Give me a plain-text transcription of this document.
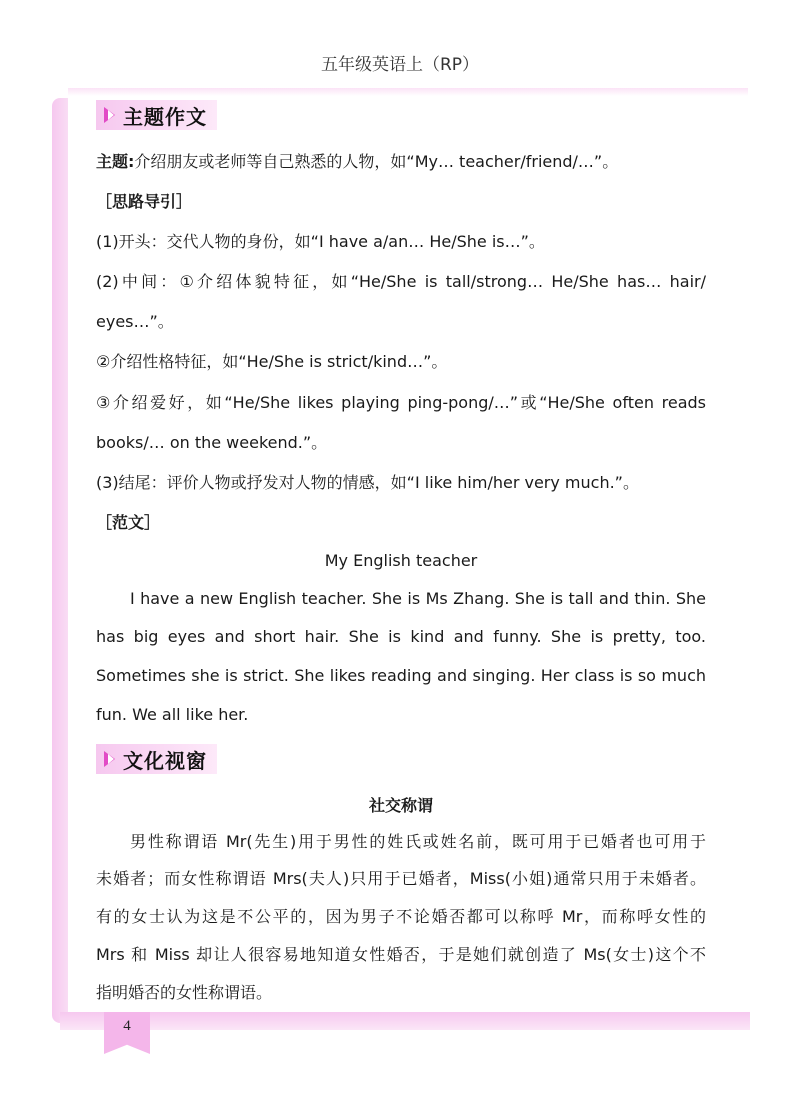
五年级英语上（RP）
4
主题作文
主题:介绍朋友或老师等自己熟悉的人物，如“My… teacher/friend/…”。
［思路导引］
(1)开头：交代人物的身份，如“I have a/an… He/She is…”。
(2)中间：①介绍体貌特征，如“He/She is tall/strong… He/She has… hair/
eyes…”。
②介绍性格特征，如“He/She is strict/kind…”。
③介绍爱好，如“He/She likes playing ping-pong/…”或“He/She often reads
books/… on the weekend.”。
(3)结尾：评价人物或抒发对人物的情感，如“I like him/her very much.”。
［范文］
My English teacher
I have a new English teacher. She is Ms Zhang. She is tall and thin. She
has big eyes and short hair. She is kind and funny. She is pretty, too.
Sometimes she is strict. She likes reading and singing. Her class is so much
fun. We all like her.
文化视窗
社交称谓
男性称谓语 Mr(先生)用于男性的姓氏或姓名前，既可用于已婚者也可用于
未婚者；而女性称谓语 Mrs(夫人)只用于已婚者，Miss(小姐)通常只用于未婚者。
有的女士认为这是不公平的，因为男子不论婚否都可以称呼 Mr，而称呼女性的
Mrs 和 Miss 却让人很容易地知道女性婚否，于是她们就创造了 Ms(女士)这个不
指明婚否的女性称谓语。
